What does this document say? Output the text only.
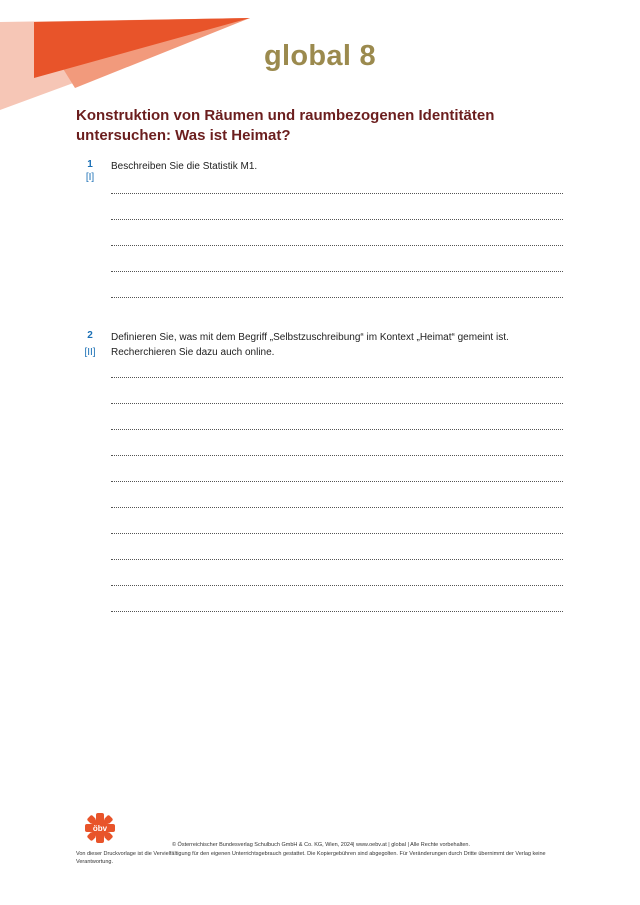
global 8
Konstruktion von Räumen und raumbezogenen Identitäten untersuchen: Was ist Heimat?
1
[I]
Beschreiben Sie die Statistik M1.
2
[II]
Definieren Sie, was mit dem Begriff „Selbstzuschreibung“ im Kontext „Heimat“ gemeint ist.
Recherchieren Sie dazu auch online.
öbv
© Österreichischer Bundesverlag Schulbuch GmbH & Co. KG, Wien, 2024| www.oebv.at | global | Alle Rechte vorbehalten.
Von dieser Druckvorlage ist die Vervielfältigung für den eigenen Unterrichtsgebrauch gestattet. Die Kopiergebühren sind abgegolten. Für Veränderungen durch Dritte übernimmt der Verlag keine Verantwortung.
